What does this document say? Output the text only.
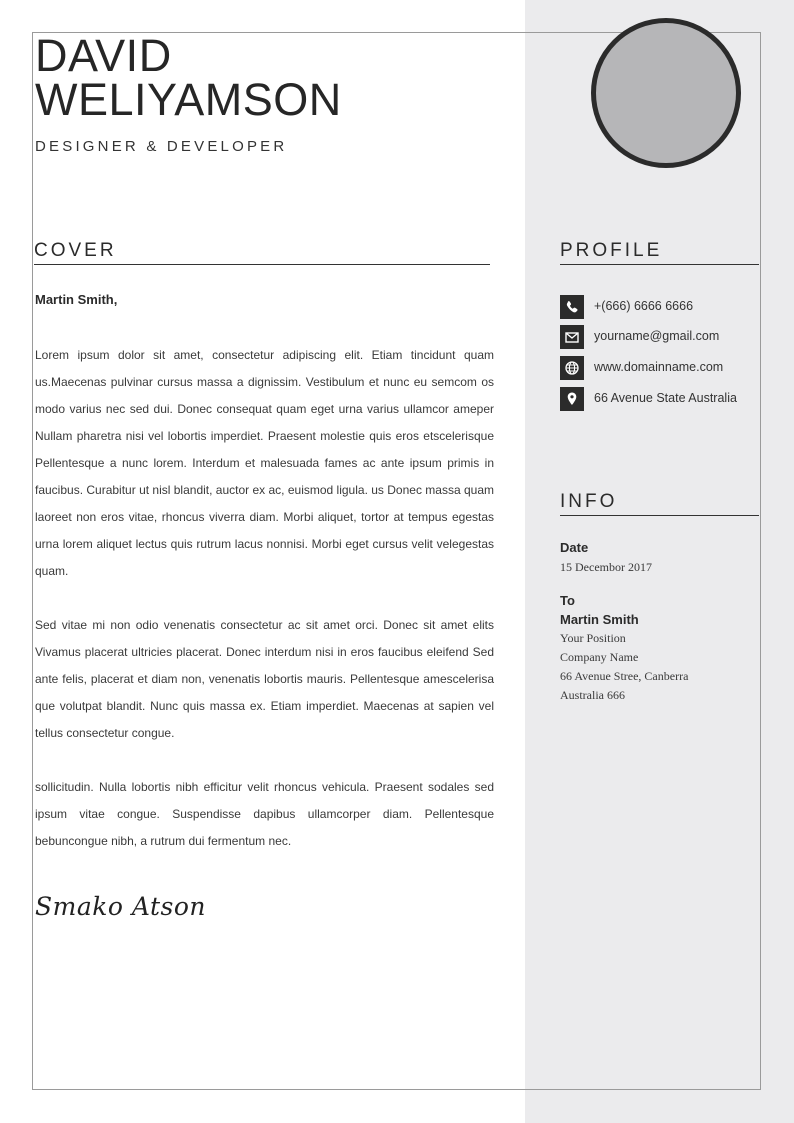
DAVID
WELIYAMSON
DESIGNER & DEVELOPER
COVER
Martin Smith,

Lorem ipsum dolor sit amet, consectetur adipiscing elit. Etiam tincidunt quam us.Maecenas pulvinar cursus massa a dignissim. Vestibulum et nunc eu semcom os modo varius nec sed dui. Donec consequat quam eget urna varius ullamcor ameper Nullam pharetra nisi vel lobortis imperdiet. Praesent molestie quis eros etscelerisque Pellentesque a nunc lorem. Interdum et malesuada fames ac ante ipsum primis in faucibus. Curabitur ut nisl blandit, auctor ex ac, euismod ligula. us Donec massa quam laoreet non eros vitae, rhoncus viverra diam. Morbi aliquet, tortor at tempus egestas urna lorem aliquet lectus quis rutrum lacus nonnisi. Morbi eget cursus velit velegestas quam.

Sed vitae mi non odio venenatis consectetur ac sit amet orci. Donec sit amet elits Vivamus placerat ultricies placerat. Donec interdum nisi in eros faucibus eleifend Sed ante felis, placerat et diam non, venenatis lobortis mauris. Pellentesque amescelerisa que volutpat blandit. Nunc quis massa ex. Etiam imperdiet. Maecenas at sapien vel tellus consectetur congue.

sollicitudin. Nulla lobortis nibh efficitur velit rhoncus vehicula. Praesent sodales sed ipsum vitae congue. Suspendisse dapibus ullamcorper diam. Pellentesque bebuncongue nibh, a rutrum dui fermentum nec.

Smako Atson
PROFILE
+(666) 6666 6666
yourname@gmail.com
www.domainname.com
66 Avenue State Australia
INFO
Date
15 Decembor 2017
To
Martin Smith
Your Position
Company Name
66 Avenue Stree, Canberra
Australia 666
